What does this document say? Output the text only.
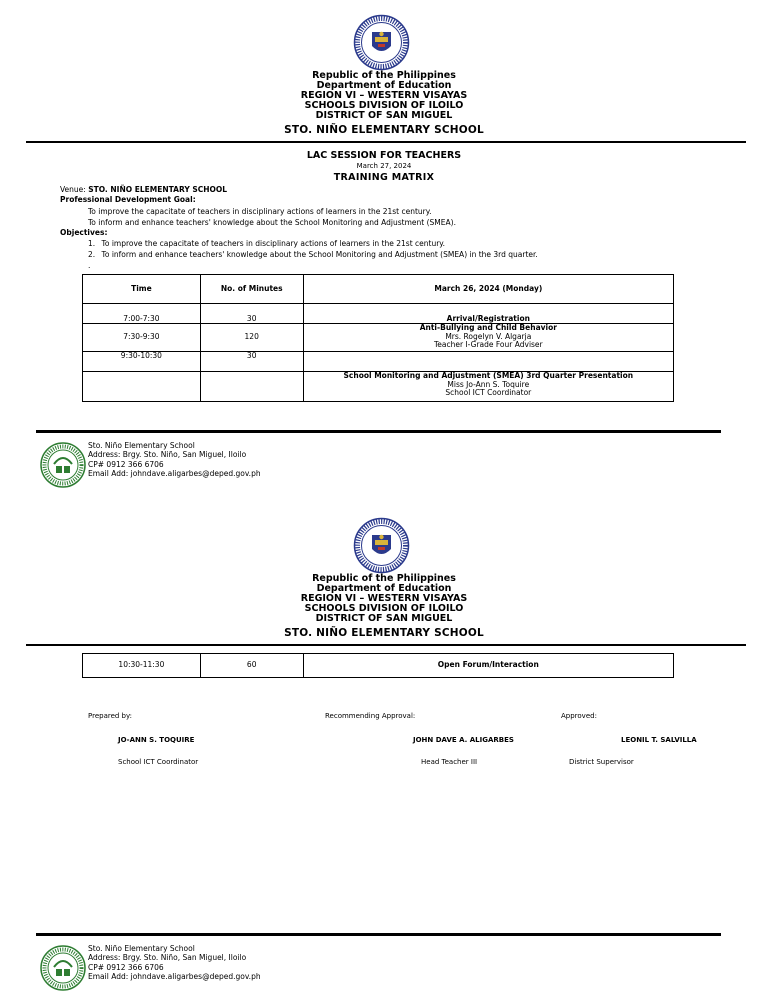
Republic of the Philippines
Department of Education
REGION VI – WESTERN VISAYAS
SCHOOLS DIVISION OF ILOILO
DISTRICT OF SAN MIGUEL
STO. NIÑO ELEMENTARY SCHOOL
LAC SESSION FOR TEACHERS
March 27, 2024
TRAINING MATRIX
Venue: STO. NIÑO ELEMENTARY SCHOOL
Professional Development Goal:
To improve the capacitate of teachers in disciplinary actions of learners in the 21st century.
To inform and enhance teachers' knowledge about the School Monitoring and Adjustment (SMEA).
Objectives:
1. To improve the capacitate of teachers in disciplinary actions of learners in the 21st century.
2. To inform and enhance teachers' knowledge about the School Monitoring and Adjustment (SMEA) in the 3rd quarter.
.
Time	No. of Minutes	March 26, 2024 (Monday)
7:00-7:30	30	Arrival/Registration
7:30-9:30	120	Anti-Bullying and Child Behavior
Mrs. Rogelyn V. Algarja
Teacher I-Grade Four Adviser

9:30-10:30	30	

		School Monitoring and Adjustment (SMEA) 3rd Quarter Presentation
Miss Jo-Ann S. Toquire
School ICT Coordinator
Sto. Niño Elementary School
Address: Brgy. Sto. Niño, San Miguel, Iloilo
CP# 0912 366 6706
Email Add: johndave.aligarbes@deped.gov.ph
Republic of the Philippines
Department of Education
REGION VI – WESTERN VISAYAS
SCHOOLS DIVISION OF ILOILO
DISTRICT OF SAN MIGUEL
STO. NIÑO ELEMENTARY SCHOOL
10:30-11:30	60	Open Forum/Interaction
Prepared by:	Recommending Approval:	Approved:
JO-ANN S. TOQUIRE	JOHN DAVE A. ALIGARBES	LEONIL T. SALVILLA
School ICT Coordinator	Head Teacher III	District Supervisor
Sto. Niño Elementary School
Address: Brgy. Sto. Niño, San Miguel, Iloilo
CP# 0912 366 6706
Email Add: johndave.aligarbes@deped.gov.ph
